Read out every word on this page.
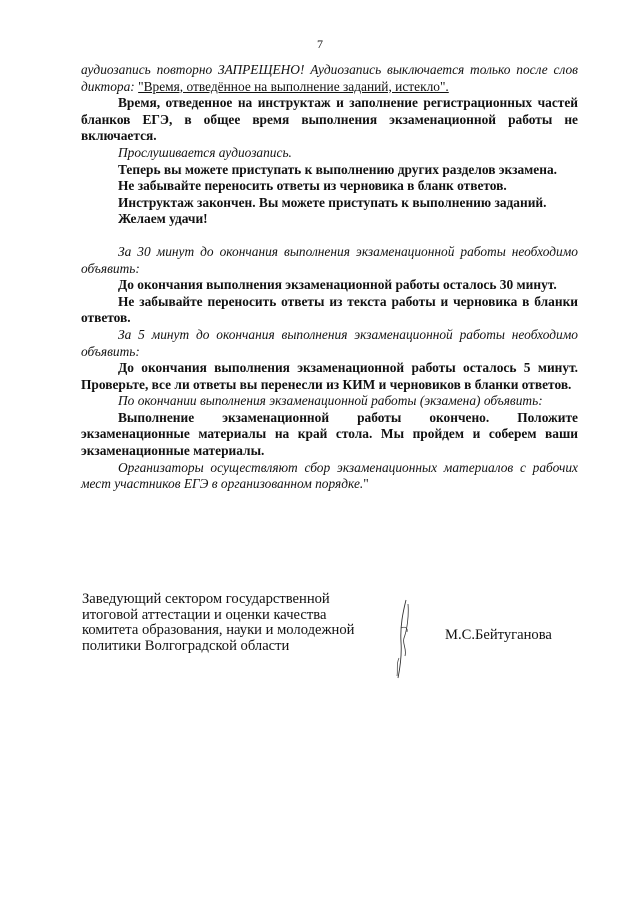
7

аудиозапись повторно ЗАПРЕЩЕНО! Аудиозапись выключается только после слов диктора: "Время, отведённое на выполнение заданий, истекло".

Время, отведенное на инструктаж и заполнение регистрационных частей бланков ЕГЭ, в общее время выполнения экзаменационной работы не включается.

Прослушивается аудиозапись.

Теперь вы можете приступать к выполнению других разделов экзамена.

Не забывайте переносить ответы из черновика в бланк ответов.

Инструктаж закончен. Вы можете приступать к выполнению заданий.

Желаем удачи!

За 30 минут до окончания выполнения экзаменационной работы необходимо объявить:

До окончания выполнения экзаменационной работы осталось 30 минут.

Не забывайте переносить ответы из текста работы и черновика в бланки ответов.

За 5 минут до окончания выполнения экзаменационной работы необходимо объявить:

До окончания выполнения экзаменационной работы осталось 5 минут. Проверьте, все ли ответы вы перенесли из КИМ и черновиков в бланки ответов.

По окончании выполнения экзаменационной работы (экзамена) объявить:

Выполнение экзаменационной работы окончено. Положите экзаменационные материалы на край стола. Мы пройдем и соберем ваши экзаменационные материалы.

Организаторы осуществляют сбор экзаменационных материалов с рабочих мест участников ЕГЭ в организованном порядке."

Заведующий сектором государственной
итоговой аттестации и оценки качества
комитета образования, науки и молодежной
политики Волгоградской области
М.С.Бейтуганова
